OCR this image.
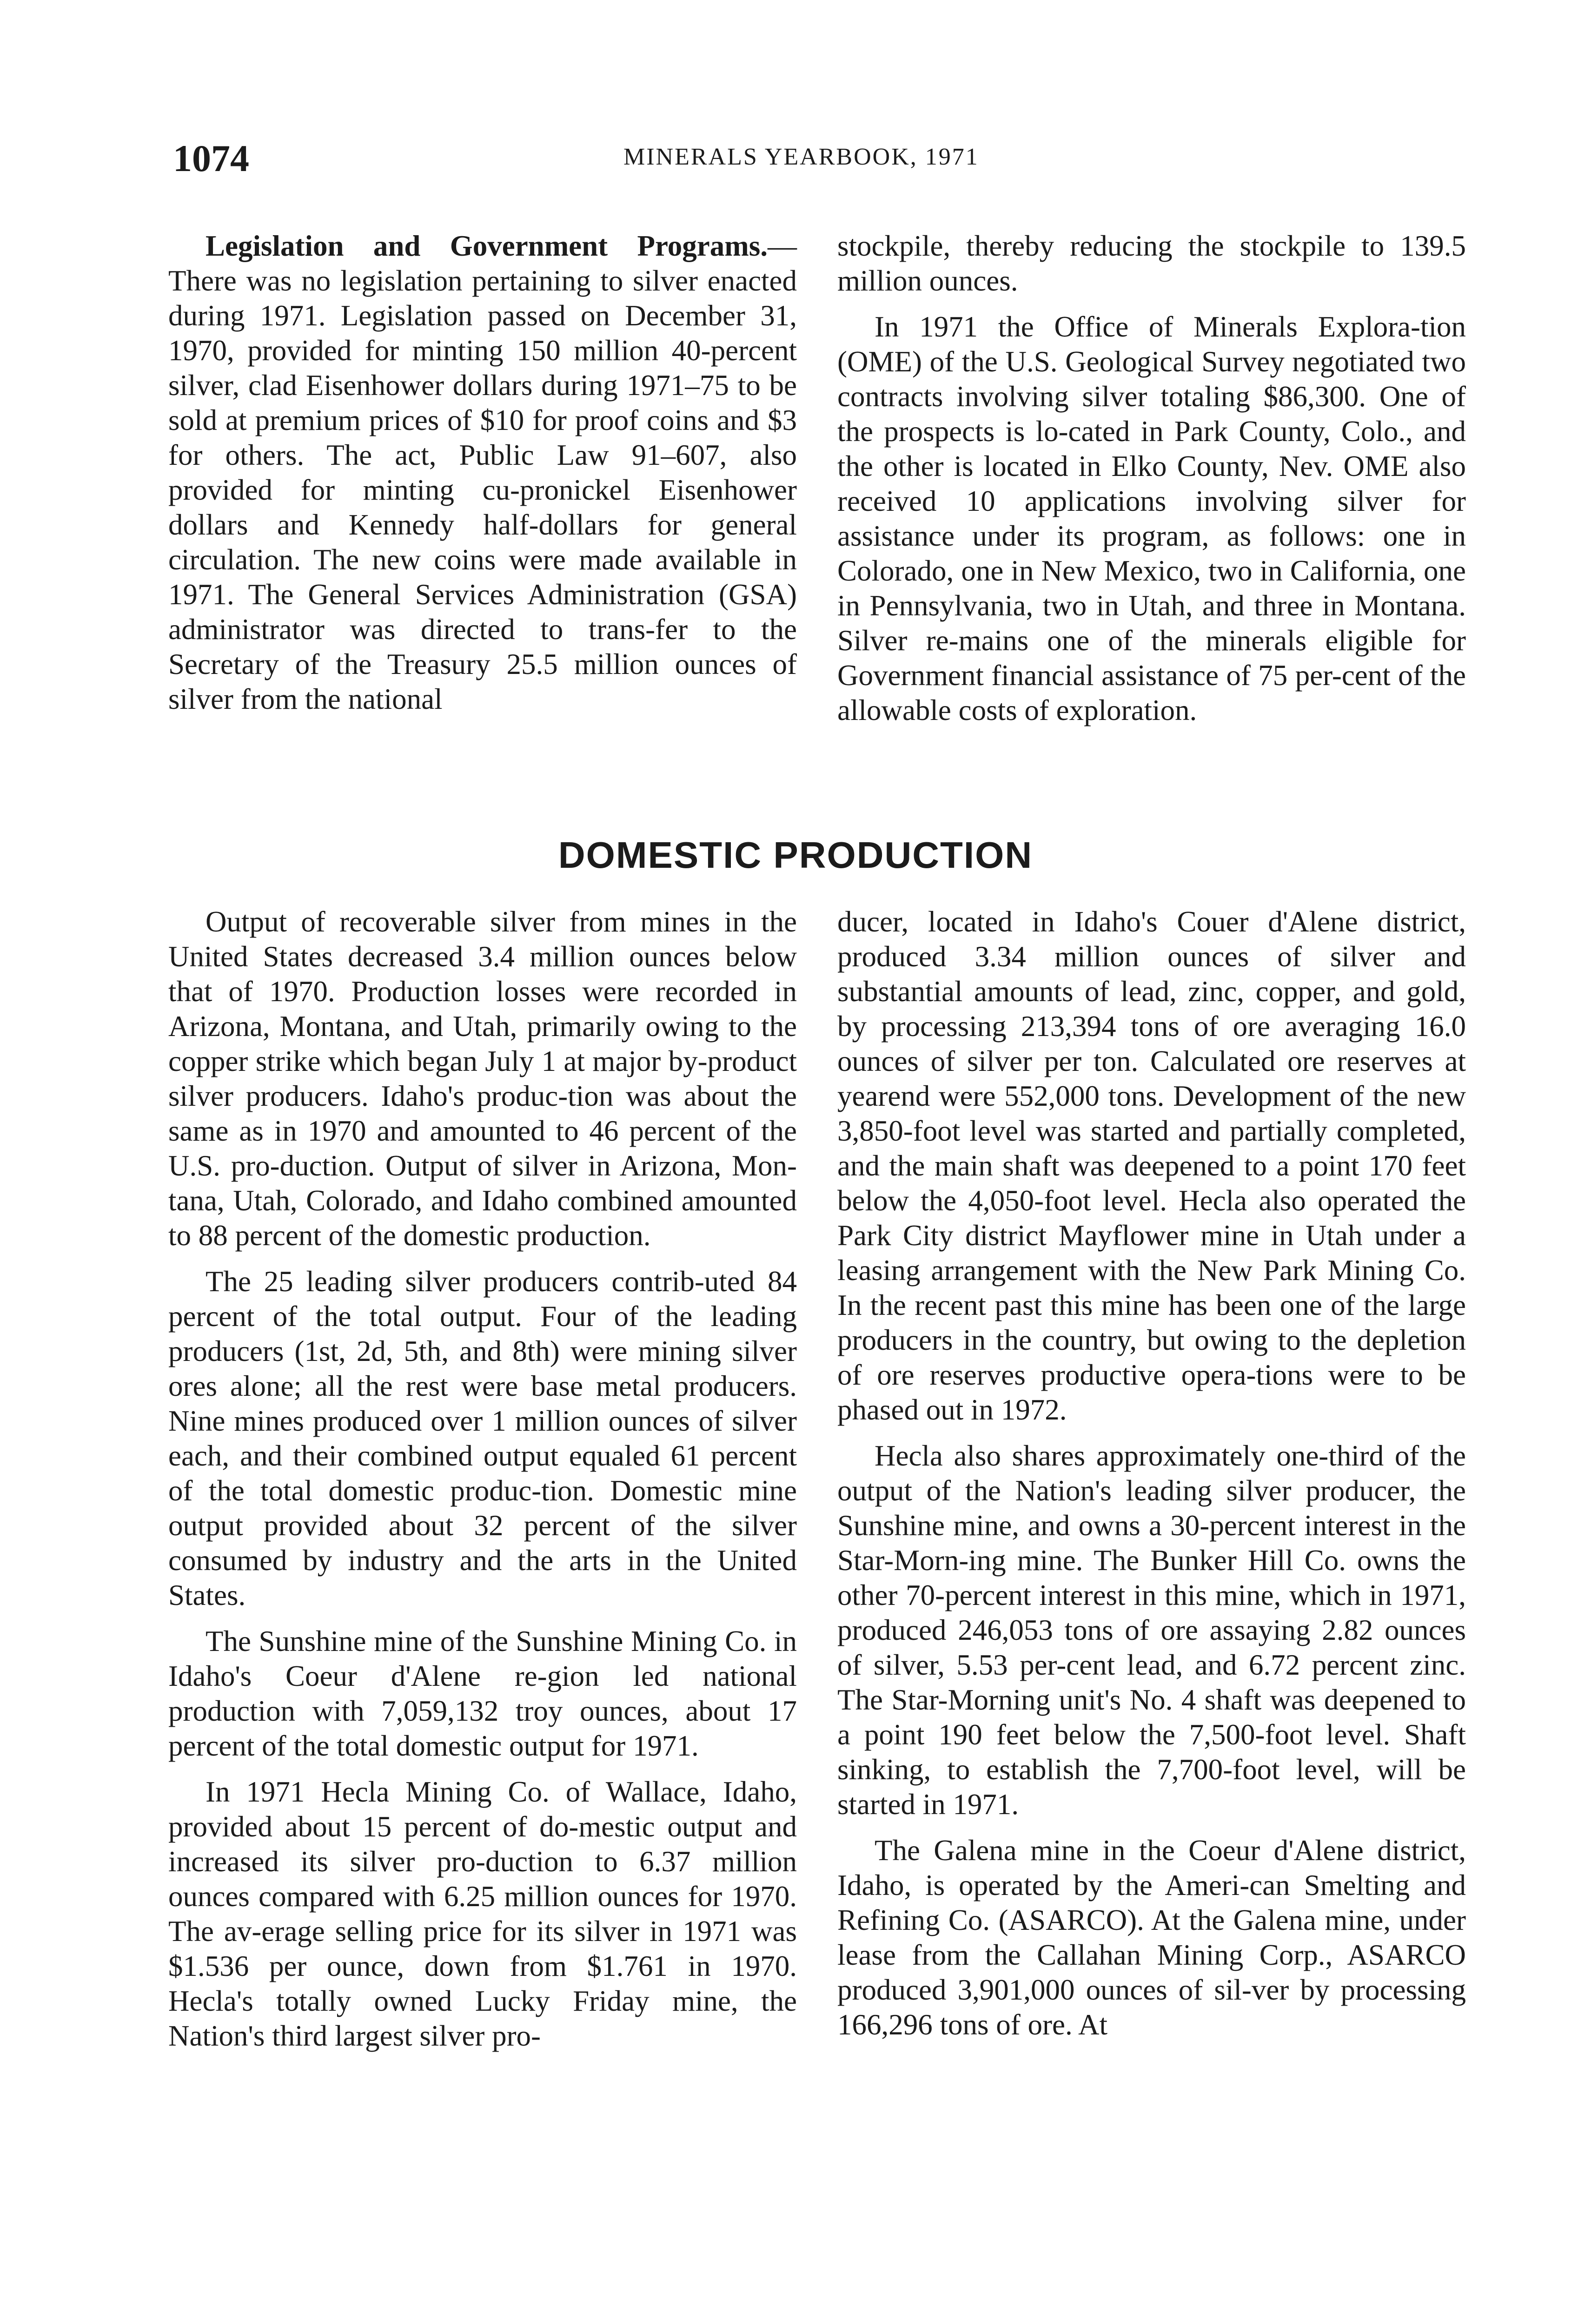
1074	MINERALS YEARBOOK, 1971

Legislation and Government Programs.—There was no legislation pertaining to silver enacted during 1971. Legislation passed on December 31, 1970, provided for minting 150 million 40-percent silver, clad Eisenhower dollars during 1971–75 to be sold at premium prices of $10 for proof coins and $3 for others. The act, Public Law 91–607, also provided for minting cu-pronickel Eisenhower dollars and Kennedy half-dollars for general circulation. The new coins were made available in 1971. The General Services Administration (GSA) administrator was directed to trans-fer to the Secretary of the Treasury 25.5 million ounces of silver from the national

stockpile, thereby reducing the stockpile to 139.5 million ounces.

In 1971 the Office of Minerals Explora-tion (OME) of the U.S. Geological Survey negotiated two contracts involving silver totaling $86,300. One of the prospects is lo-cated in Park County, Colo., and the other is located in Elko County, Nev. OME also received 10 applications involving silver for assistance under its program, as follows: one in Colorado, one in New Mexico, two in California, one in Pennsylvania, two in Utah, and three in Montana. Silver re-mains one of the minerals eligible for Government financial assistance of 75 per-cent of the allowable costs of exploration.

DOMESTIC PRODUCTION

Output of recoverable silver from mines in the United States decreased 3.4 million ounces below that of 1970. Production losses were recorded in Arizona, Montana, and Utah, primarily owing to the copper strike which began July 1 at major by-product silver producers. Idaho's produc-tion was about the same as in 1970 and amounted to 46 percent of the U.S. pro-duction. Output of silver in Arizona, Mon-tana, Utah, Colorado, and Idaho combined amounted to 88 percent of the domestic production.

The 25 leading silver producers contrib-uted 84 percent of the total output. Four of the leading producers (1st, 2d, 5th, and 8th) were mining silver ores alone; all the rest were base metal producers. Nine mines produced over 1 million ounces of silver each, and their combined output equaled 61 percent of the total domestic produc-tion. Domestic mine output provided about 32 percent of the silver consumed by industry and the arts in the United States.

The Sunshine mine of the Sunshine Mining Co. in Idaho's Coeur d'Alene re-gion led national production with 7,059,132 troy ounces, about 17 percent of the total domestic output for 1971.

In 1971 Hecla Mining Co. of Wallace, Idaho, provided about 15 percent of do-mestic output and increased its silver pro-duction to 6.37 million ounces compared with 6.25 million ounces for 1970. The av-erage selling price for its silver in 1971 was $1.536 per ounce, down from $1.761 in 1970. Hecla's totally owned Lucky Friday mine, the Nation's third largest silver pro-

ducer, located in Idaho's Couer d'Alene district, produced 3.34 million ounces of silver and substantial amounts of lead, zinc, copper, and gold, by processing 213,394 tons of ore averaging 16.0 ounces of silver per ton. Calculated ore reserves at yearend were 552,000 tons. Development of the new 3,850-foot level was started and partially completed, and the main shaft was deepened to a point 170 feet below the 4,050-foot level. Hecla also operated the Park City district Mayflower mine in Utah under a leasing arrangement with the New Park Mining Co. In the recent past this mine has been one of the large producers in the country, but owing to the depletion of ore reserves productive opera-tions were to be phased out in 1972.

Hecla also shares approximately one-third of the output of the Nation's leading silver producer, the Sunshine mine, and owns a 30-percent interest in the Star-Morn-ing mine. The Bunker Hill Co. owns the other 70-percent interest in this mine, which in 1971, produced 246,053 tons of ore assaying 2.82 ounces of silver, 5.53 per-cent lead, and 6.72 percent zinc. The Star-Morning unit's No. 4 shaft was deepened to a point 190 feet below the 7,500-foot level. Shaft sinking, to establish the 7,700-foot level, will be started in 1971.

The Galena mine in the Coeur d'Alene district, Idaho, is operated by the Ameri-can Smelting and Refining Co. (ASARCO). At the Galena mine, under lease from the Callahan Mining Corp., ASARCO produced 3,901,000 ounces of sil-ver by processing 166,296 tons of ore. At
